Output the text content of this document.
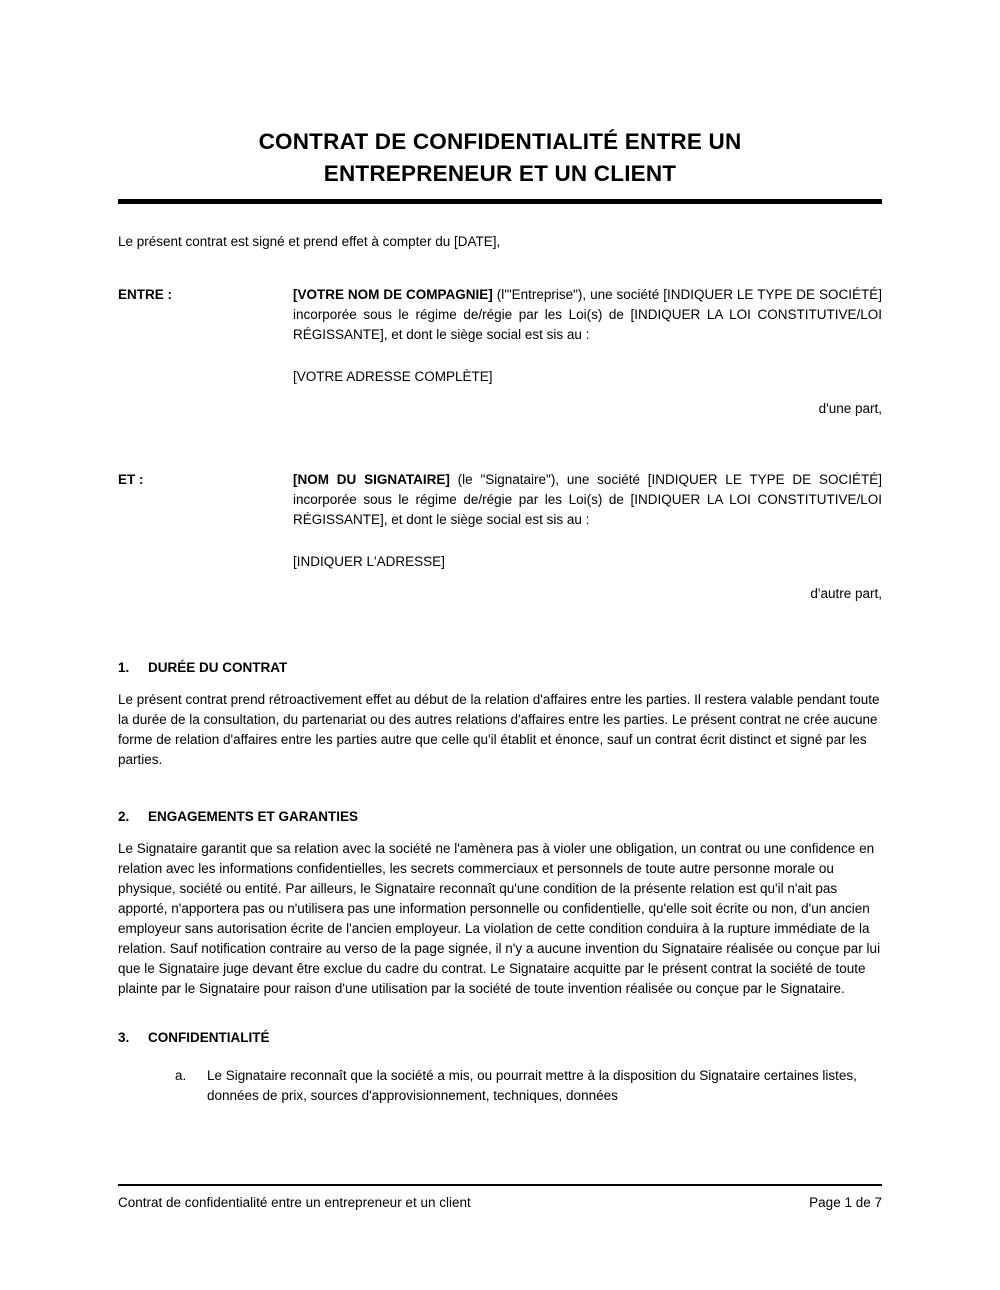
CONTRAT DE CONFIDENTIALITÉ ENTRE UN
ENTREPRENEUR ET UN CLIENT

Le présent contrat est signé et prend effet à compter du [DATE],

ENTRE :	[VOTRE NOM DE COMPAGNIE] (l'"Entreprise"), une société [INDIQUER LE TYPE DE SOCIÉTÉ] incorporée sous le régime de/régie par les Loi(s) de [INDIQUER LA LOI CONSTITUTIVE/LOI RÉGISSANTE], et dont le siège social est sis au :
[VOTRE ADRESSE COMPLÈTE]
d'une part,
ET :	[NOM DU SIGNATAIRE] (le "Signataire"), une société [INDIQUER LE TYPE DE SOCIÉTÉ] incorporée sous le régime de/régie par les Loi(s) de [INDIQUER LA LOI CONSTITUTIVE/LOI RÉGISSANTE], et dont le siège social est sis au :
[INDIQUER L'ADRESSE]
d'autre part,
1.	DURÉE DU CONTRAT

Le présent contrat prend rétroactivement effet au début de la relation d'affaires entre les parties. Il restera valable pendant toute la durée de la consultation, du partenariat ou des autres relations d'affaires entre les parties. Le présent contrat ne crée aucune forme de relation d'affaires entre les parties autre que celle qu'il établit et énonce, sauf un contrat écrit distinct et signé par les parties.

2.	ENGAGEMENTS ET GARANTIES

Le Signataire garantit que sa relation avec la société ne l'amènera pas à violer une obligation, un contrat ou une confidence en relation avec les informations confidentielles, les secrets commerciaux et personnels de toute autre personne morale ou physique, société ou entité. Par ailleurs, le Signataire reconnaît qu'une condition de la présente relation est qu'il n'ait pas apporté, n'apportera pas ou n'utilisera pas une information personnelle ou confidentielle, qu'elle soit écrite ou non, d'un ancien employeur sans autorisation écrite de l'ancien employeur. La violation de cette condition conduira à la rupture immédiate de la relation. Sauf notification contraire au verso de la page signée, il n'y a aucune invention du Signataire réalisée ou conçue par lui que le Signataire juge devant être exclue du cadre du contrat. Le Signataire acquitte par le présent contrat la société de toute plainte par le Signataire pour raison d'une utilisation par la société de toute invention réalisée ou conçue par le Signataire.

3.	CONFIDENTIALITÉ
a.	Le Signataire reconnaît que la société a mis, ou pourrait mettre à la disposition du Signataire certaines listes, données de prix, sources d'approvisionnement, techniques, données
Contrat de confidentialité entre un entrepreneur et un client	Page 1 de 7
